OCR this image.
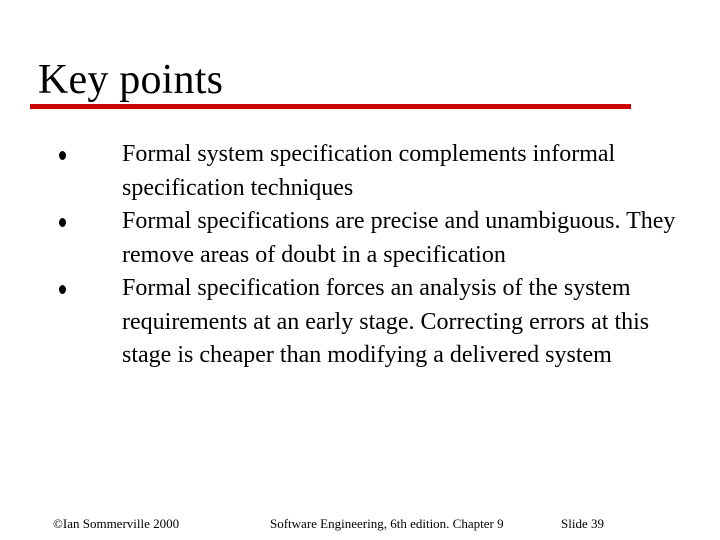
Key points
Formal system specification complements informal specification techniques
Formal specifications are precise and unambiguous. They remove areas of doubt in a specification
Formal specification forces an analysis of the system requirements at an early stage. Correcting errors at this stage is cheaper than modifying a delivered system
©Ian Sommerville 2000	Software Engineering, 6th edition. Chapter 9	Slide 39
